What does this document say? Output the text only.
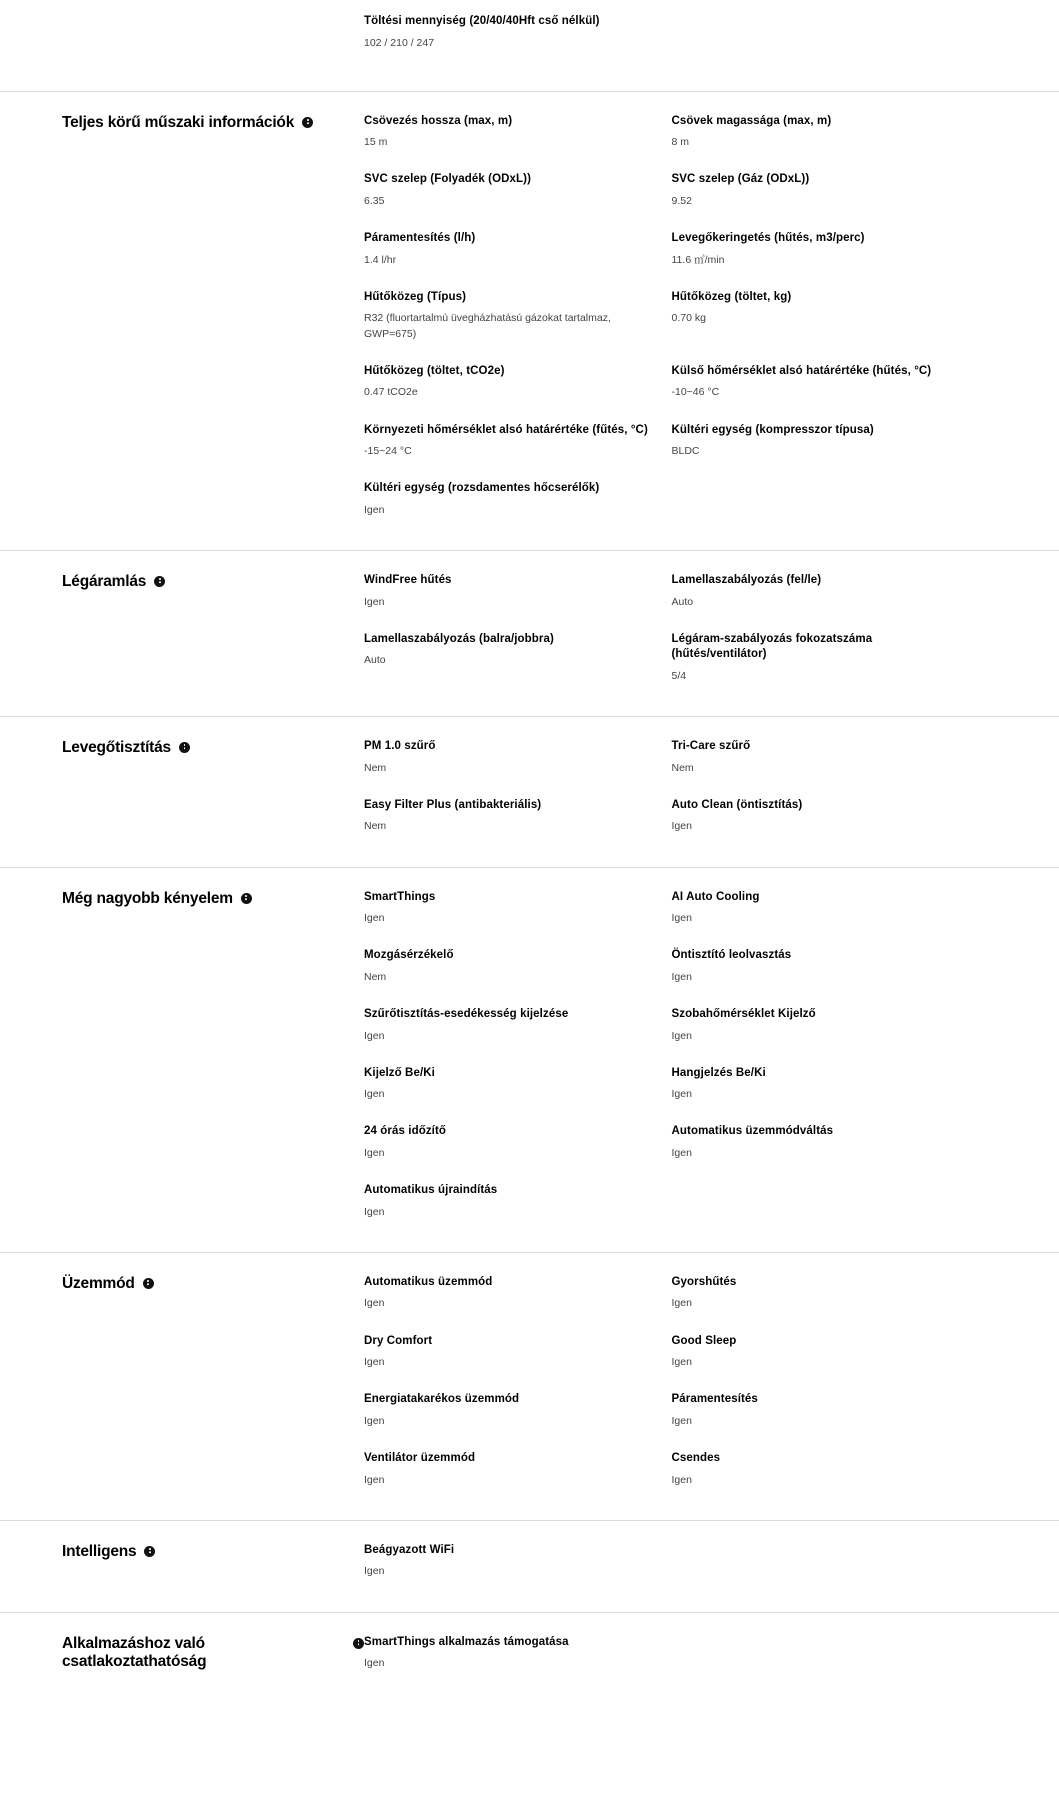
Töltési mennyiség (20/40/40Hft cső nélkül)
102 / 210 / 247
Teljes körű műszaki információk	Csövezés hossza (max, m)
15 m
Csövek magassága (max, m)
8 m
SVC szelep (Folyadék (ODxL))
6.35
SVC szelep (Gáz (ODxL))
9.52
Páramentesítés (l/h)
1.4 l/hr
Levegőkeringetés (hűtés, m3/perc)
11.6 ㎥/min
Hűtőközeg (Típus)
R32 (fluortartalmú üvegházhatású gázokat tartalmaz, GWP=675)
Hűtőközeg (töltet, kg)
0.70 kg
Hűtőközeg (töltet, tCO2e)
0.47 tCO2e
Külső hőmérséklet alsó határértéke (hűtés, °C)
-10~46 °C
Környezeti hőmérséklet alsó határértéke (fűtés, °C)
-15~24 °C
Kültéri egység (kompresszor típusa)
BLDC
Kültéri egység (rozsdamentes hőcserélők)
Igen
Légáramlás	WindFree hűtés
Igen
Lamellaszabályozás (fel/le)
Auto
Lamellaszabályozás (balra/jobbra)
Auto
Légáram-szabályozás fokozatszáma (hűtés/ventilátor)
5/4
Levegőtisztítás	PM 1.0 szűrő
Nem
Tri-Care szűrő
Nem
Easy Filter Plus (antibakteriális)
Nem
Auto Clean (öntisztítás)
Igen
Még nagyobb kényelem	SmartThings
Igen
AI Auto Cooling
Igen
Mozgásérzékelő
Nem
Öntisztító leolvasztás
Igen
Szűrőtisztítás-esedékesség kijelzése
Igen
Szobahőmérséklet Kijelző
Igen
Kijelző Be/Ki
Igen
Hangjelzés Be/Ki
Igen
24 órás időzítő
Igen
Automatikus üzemmódváltás
Igen
Automatikus újraindítás
Igen
Üzemmód	Automatikus üzemmód
Igen
Gyorshűtés
Igen
Dry Comfort
Igen
Good Sleep
Igen
Energiatakarékos üzemmód
Igen
Páramentesítés
Igen
Ventilátor üzemmód
Igen
Csendes
Igen
Intelligens	Beágyazott WiFi
Igen
Alkalmazáshoz való csatlakoztathatóság
SmartThings alkalmazás támogatása
Igen
